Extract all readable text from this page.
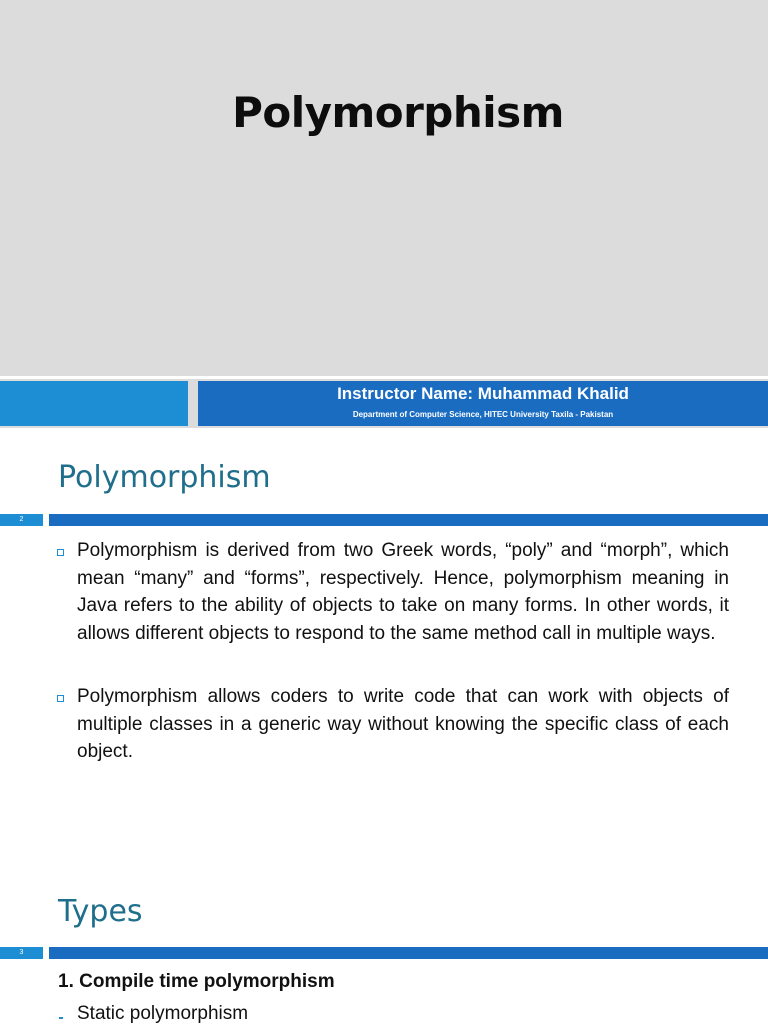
Polymorphism
Instructor Name: Muhammad Khalid
Department of Computer Science, HITEC University Taxila - Pakistan
Polymorphism
2
Polymorphism is derived from two Greek words, “poly” and “morph”, which mean “many” and “forms”, respectively. Hence, polymorphism meaning in Java refers to the ability of objects to take on many forms. In other words, it allows different objects to respond to the same method call in multiple ways.
Polymorphism allows coders to write code that can work with objects of multiple classes in a generic way without knowing the specific class of each object.
Types
3
1. Compile time polymorphism
Static polymorphism
